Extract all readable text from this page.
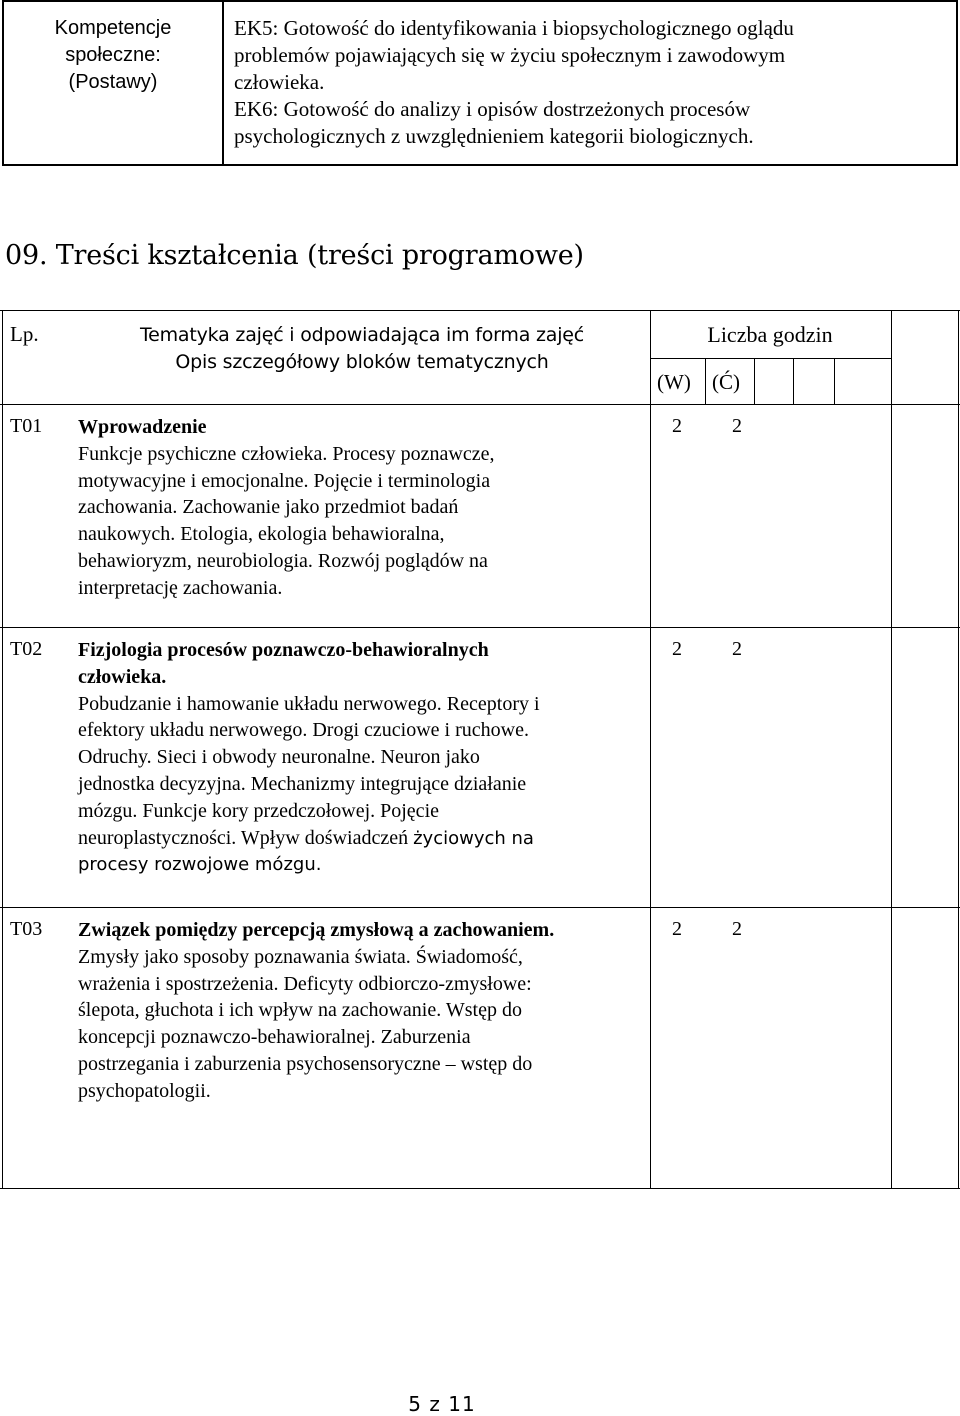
Kompetencje
społeczne:
(Postawy)

EK5: Gotowość do identyfikowania i biopsychologicznego oglądu
problemów pojawiających się w życiu społecznym i zawodowym
człowieka.
EK6: Gotowość do analizy i opisów dostrzeżonych procesów
psychologicznych z uwzględnieniem kategorii biologicznych.
09. Treści kształcenia (treści programowe)
Lp.	Tematyka zajęć i odpowiadająca im forma zajęć
Opis szczegółowy bloków tematycznych
Liczba godzin
(W) (Ć)
T01 Wprowadzenie
Funkcje psychiczne człowieka. Procesy poznawcze,
motywacyjne i emocjonalne. Pojęcie i terminologia
zachowania. Zachowanie jako przedmiot badań
naukowych. Etologia, ekologia behawioralna,
behawioryzm, neurobiologia. Rozwój poglądów na
interpretację zachowania.
2	2
T02 Fizjologia procesów poznawczo-behawioralnych
człowieka.
Pobudzanie i hamowanie układu nerwowego. Receptory i
efektory układu nerwowego. Drogi czuciowe i ruchowe.
Odruchy. Sieci i obwody neuronalne. Neuron jako
jednostka decyzyjna. Mechanizmy integrujące działanie
mózgu. Funkcje kory przedczołowej. Pojęcie
neuroplastyczności. Wpływ doświadczeń życiowych na
procesy rozwojowe mózgu.
2	2
T03 Związek pomiędzy percepcją zmysłową a zachowaniem.
Zmysły jako sposoby poznawania świata. Świadomość,
wrażenia i spostrzeżenia. Deficyty odbiorczo-zmysłowe:
ślepota, głuchota i ich wpływ na zachowanie. Wstęp do
koncepcji poznawczo-behawioralnej. Zaburzenia
postrzegania i zaburzenia psychosensoryczne – wstęp do
psychopatologii.
2	2
5 z 11
